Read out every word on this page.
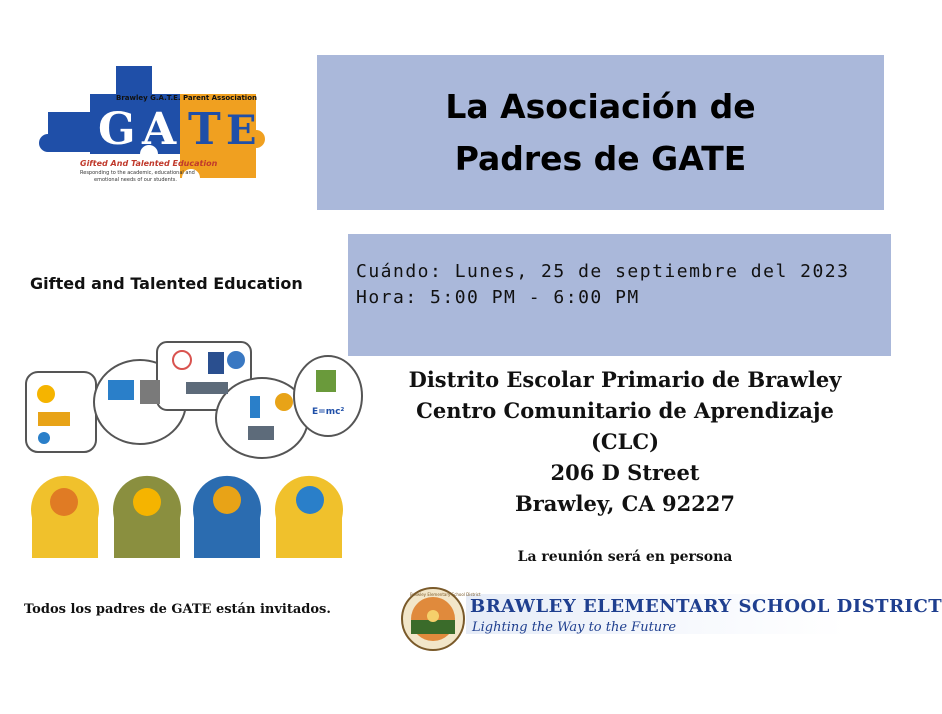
G A T E
Brawley G.A.T.E. Parent Association
Gifted And Talented Education
Responding to the academic, educational and
emotional needs of our students.
La Asociación de
Padres de GATE
Gifted and Talented Education
Cuándo: Lunes, 25 de septiembre del 2023
Hora: 5:00 PM - 6:00 PM
E=mc²
Distrito Escolar Primario de Brawley
Centro Comunitario de Aprendizaje
(CLC)
206 D Street
Brawley, CA 92227
La reunión será en persona
Todos los padres de GATE están invitados.
Brawley Elementary School District
BRAWLEY ELEMENTARY SCHOOL DISTRICT
Lighting the Way to the Future
